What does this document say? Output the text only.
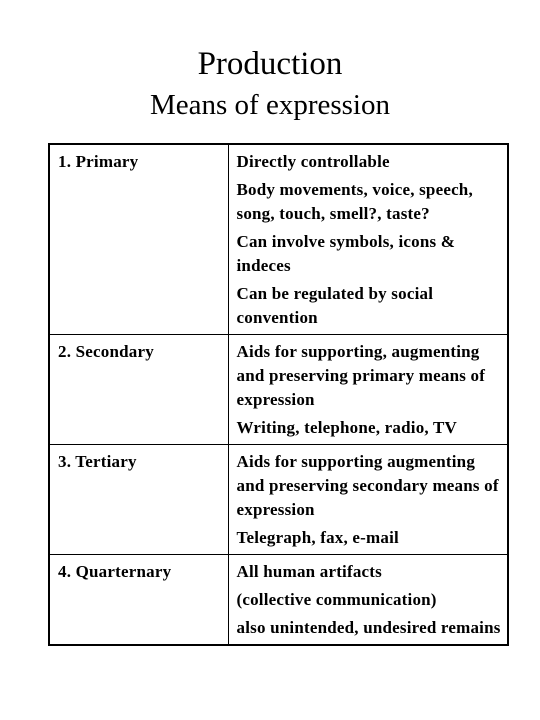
Production
Means of expression
1. Primary	Directly controllable
Body movements, voice, speech, song, touch, smell?, taste?
Can involve symbols, icons & indeces
Can be regulated by social convention

2. Secondary	Aids for supporting, augmenting and preserving primary means of expression
Writing, telephone, radio, TV

3. Tertiary	Aids for supporting augmenting and preserving secondary means of expression
Telegraph, fax, e-mail

4. Quarternary	All human artifacts
(collective communication)
also unintended, undesired remains
